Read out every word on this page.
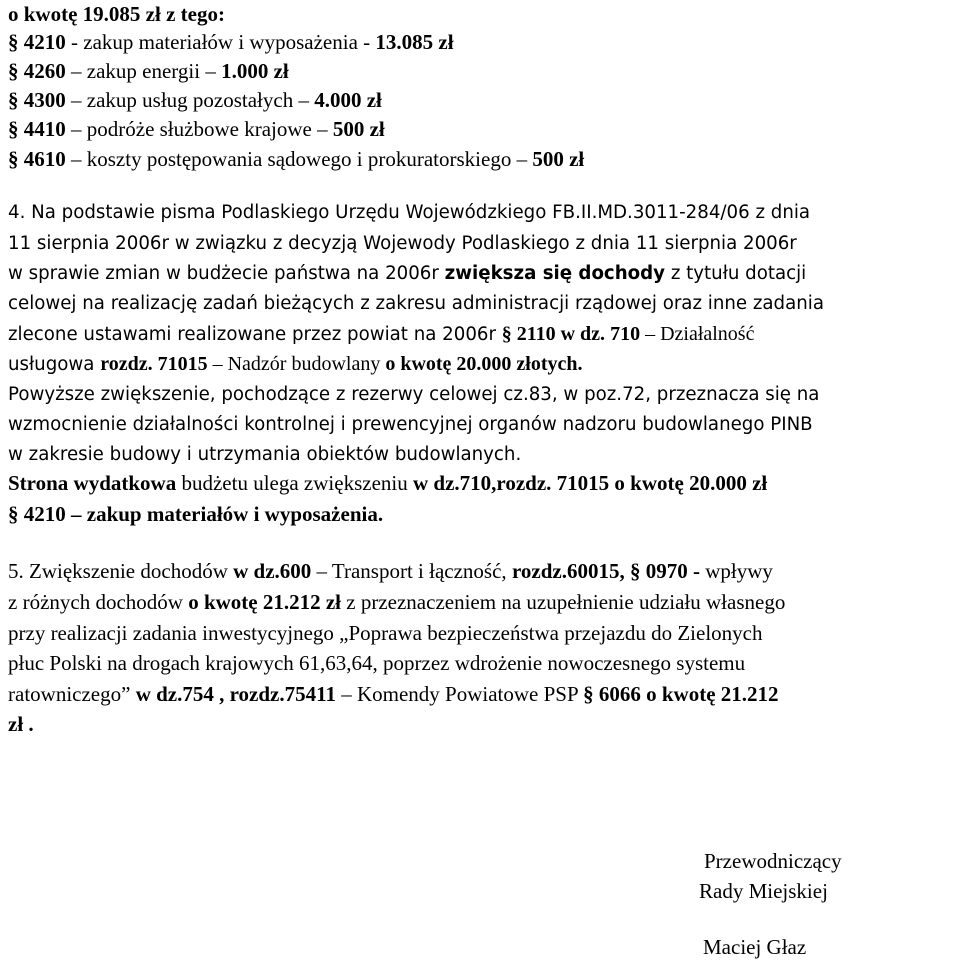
o kwotę 19.085 zł z tego:
§ 4210 - zakup materiałów i wyposażenia - 13.085 zł
§ 4260 – zakup energii – 1.000 zł
§ 4300 – zakup usług pozostałych – 4.000 zł
§ 4410 – podróże służbowe krajowe – 500 zł
§ 4610 – koszty postępowania sądowego i prokuratorskiego – 500 zł
4. Na podstawie pisma Podlaskiego Urzędu Wojewódzkiego FB.II.MD.3011-284/06 z dnia
11 sierpnia 2006r w związku z decyzją Wojewody Podlaskiego z dnia 11 sierpnia 2006r
w sprawie zmian w budżecie państwa na 2006r zwiększa się dochody z tytułu dotacji
celowej na realizację zadań bieżących z zakresu administracji rządowej oraz inne zadania
zlecone ustawami realizowane przez powiat na 2006r § 2110 w dz. 710 – Działalność
usługowa rozdz. 71015 – Nadzór budowlany o kwotę 20.000 złotych.
Powyższe zwiększenie, pochodzące z rezerwy celowej cz.83, w poz.72, przeznacza się na
wzmocnienie działalności kontrolnej i prewencyjnej organów nadzoru budowlanego PINB
w zakresie budowy i utrzymania obiektów budowlanych.
Strona wydatkowa budżetu ulega zwiększeniu w dz.710,rozdz. 71015 o kwotę 20.000 zł
§ 4210 – zakup materiałów i wyposażenia.
5. Zwiększenie dochodów w dz.600 – Transport i łączność, rozdz.60015, § 0970 - wpływy
z różnych dochodów o kwotę 21.212 zł z przeznaczeniem na uzupełnienie udziału własnego
przy realizacji zadania inwestycyjnego „Poprawa bezpieczeństwa przejazdu do Zielonych
płuc Polski na drogach krajowych 61,63,64, poprzez wdrożenie nowoczesnego systemu
ratowniczego” w dz.754 , rozdz.75411 – Komendy Powiatowe PSP § 6066 o kwotę 21.212
zł .
Przewodniczący
Rady Miejskiej
Maciej Głaz
